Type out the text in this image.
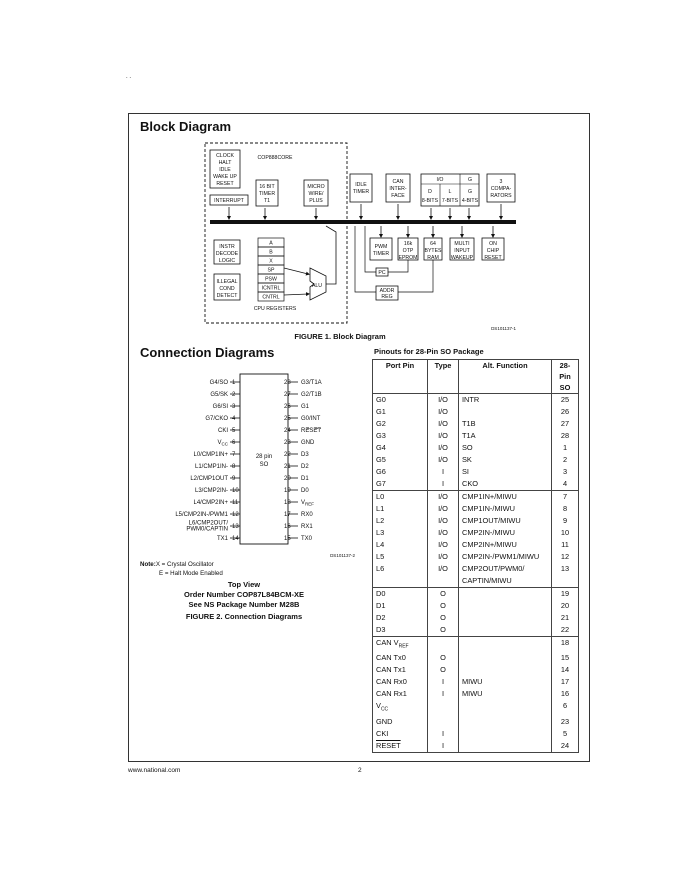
. .
Block Diagram
COP888CORE
CLOCK
HALT
IDLE
WAKE UP
RESET
INTERRUPT
16 BIT
TIMER
T1
MICRO
WIRE/
PLUS
IDLE
TIMER
CAN
INTER-
FACE
I/O	G
D
8-BITS
L
7-BITS
G
4-BITS
3
COMPA-
RATORS
INSTR
DECODE
LOGIC
ILLEGAL
COND
DETECT
A
B
X
SP
PSW
ICNTRL
CNTRL
CPU REGISTERS
ALU
PWM
TIMER
16k
OTP
EPROM
64
BYTES
RAM
MULTI
INPUT
WAKEUP
ON
CHIP
RESET
PC
ADDR
REG
DS101137-1
FIGURE 1. Block Diagram
Connection Diagrams
28 pin
SO
1
G4/SO
2
G5/SK
3
G6/SI
4
G7/CKO
5
CKI
6
$V_{CC}$
7
L0/CMP1IN+
8
L1/CMP1IN-
9
L2/CMP1OUT
10
L3/CMP2IN-
11
L4/CMP2IN+
12
L5/CMP2IN-/PWM1
13
L6/CMP2OUT/
PWM0/CAPTIN
14
TX1
28 G3/T1A
27 G2/T1B
26 G1
25 G0/INT
24 RESET
23 GND
22 D3
21 D2
20 D1
19 D0
18 $V_{REF}$
17 RX0
16 RX1
15 TX0
DS101137-2
Note:X = Crystal Oscillator
E = Halt Mode Enabled
Top View
Order Number COP87L84BCM-XE
See NS Package Number M28B
FIGURE 2. Connection Diagrams
Pinouts for 28-Pin SO Package
Port Pin	Type	Alt. Function	28-Pin SO
G0	I/O	INTR	25
G1	I/O		26
G2	I/O	T1B	27
G3	I/O	T1A	28
G4	I/O	SO	1
G5	I/O	SK	2
G6	I	SI	3
G7	I	CKO	4
L0	I/O	CMP1IN+/MIWU	7
L1	I/O	CMP1IN-/MIWU	8
L2	I/O	CMP1OUT/MIWU	9
L3	I/O	CMP2IN-/MIWU	10
L4	I/O	CMP2IN+/MIWU	11
L5	I/O	CMP2IN-/PWM1/MIWU	12
L6	I/O	CMP2OUT/PWM0/	13
		CAPTIN/MIWU	
D0	O		19
D1	O		20
D2	O		21
D3	O		22
CAN $V_{REF}$			18
CAN Tx0	O		15
CAN Tx1	O		14
CAN Rx0	I	MIWU	17
CAN Rx1	I	MIWU	16
$V_{CC}$			6
GND			23
CKI	I		5
RESET	I		24
www.national.com	2
